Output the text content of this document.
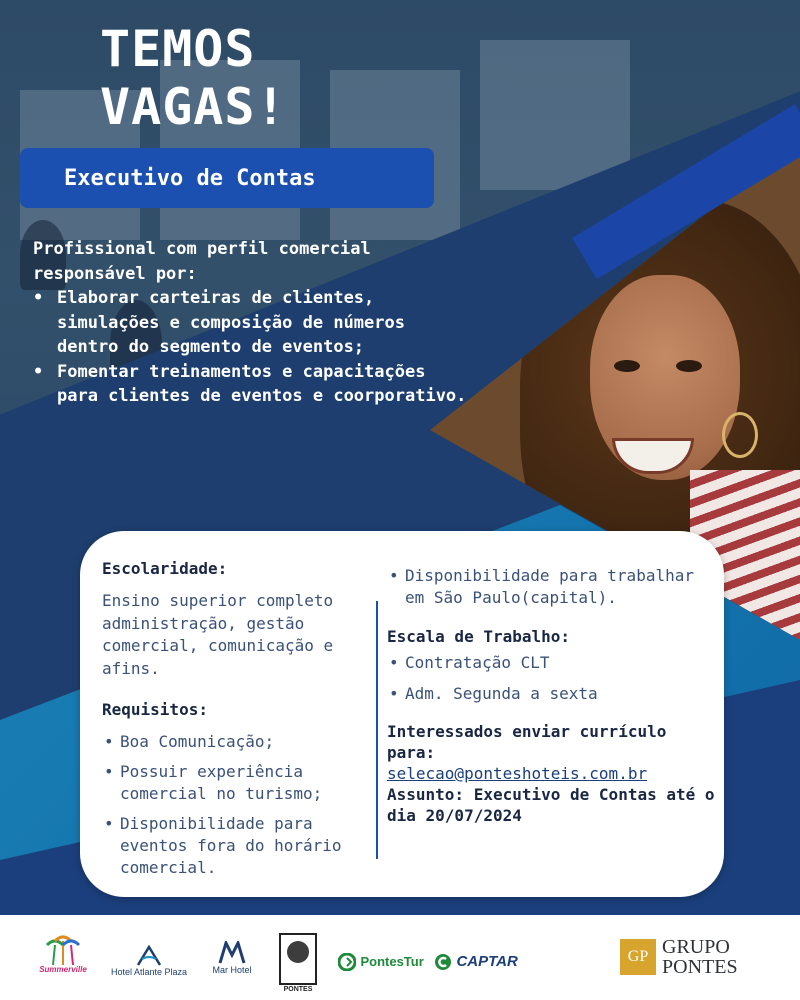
TEMOS
VAGAS!
Executivo de Contas

Profissional com perfil comercial responsável por:

• Elaborar carteiras de clientes, simulações e composição de números dentro do segmento de eventos;
• Fomentar treinamentos e capacitações para clientes de eventos e coorporativo.

Escolaridade:

Ensino superior completo administração, gestão comercial, comunicação e afins.

Requisitos:

• Boa Comunicação;
• Possuir experiência comercial no turismo;
• Disponibilidade para eventos fora do horário comercial.
• Disponibilidade para trabalhar em São Paulo(capital).

Escala de Trabalho:

• Contratação CLT
• Adm. Segunda a sexta
Interessados enviar currículo para:
selecao@ponteshoteis.com.br
Assunto: Executivo de Contas até o dia 20/07/2024
Summerville	Hotel Atlante Plaza	Mar Hotel
PONTES
PontesTur	CAPTAR	GP GRUPO
PONTES
